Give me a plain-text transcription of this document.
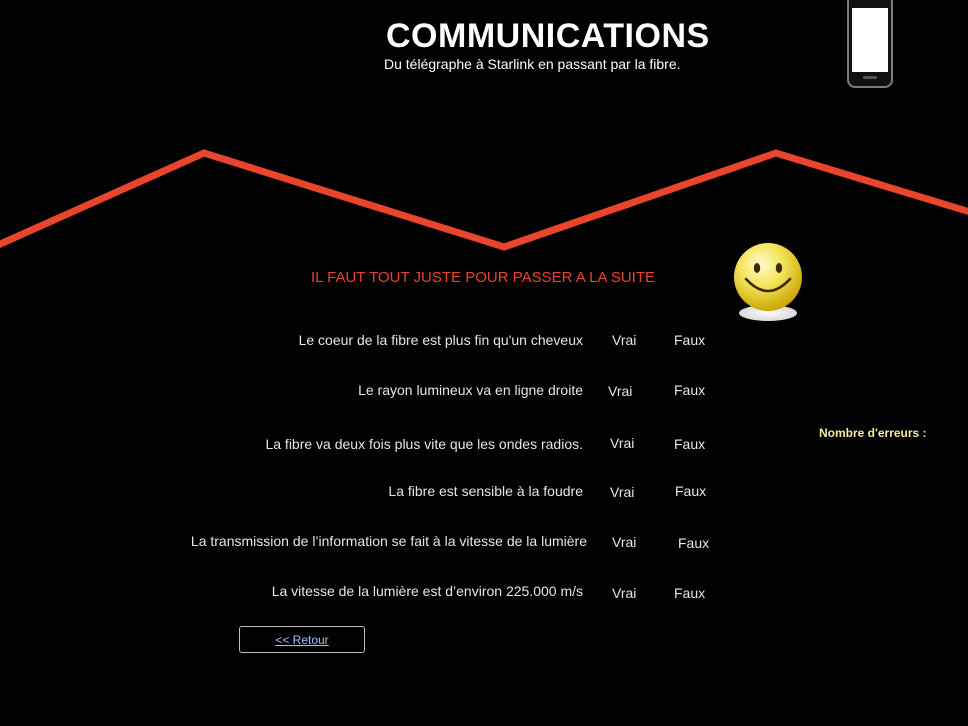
COMMUNICATIONS
Du télégraphe à Starlink en passant par la fibre.
IL FAUT TOUT JUSTE POUR PASSER A LA SUITE
Le coeur de la fibre est plus fin qu'un cheveux Vrai	Faux
Le rayon lumineux va en ligne droite Vrai	Faux
La fibre va deux fois plus vite que les ondes radios. Vrai	Faux
La fibre est sensible à la foudre Vrai	Faux
La transmission de l’information se fait à la vitesse de la lumière Vrai	Faux
La vitesse de la lumière est d’environ 225.000 m/s Vrai	Faux
Nombre d'erreurs :
<< Retour
